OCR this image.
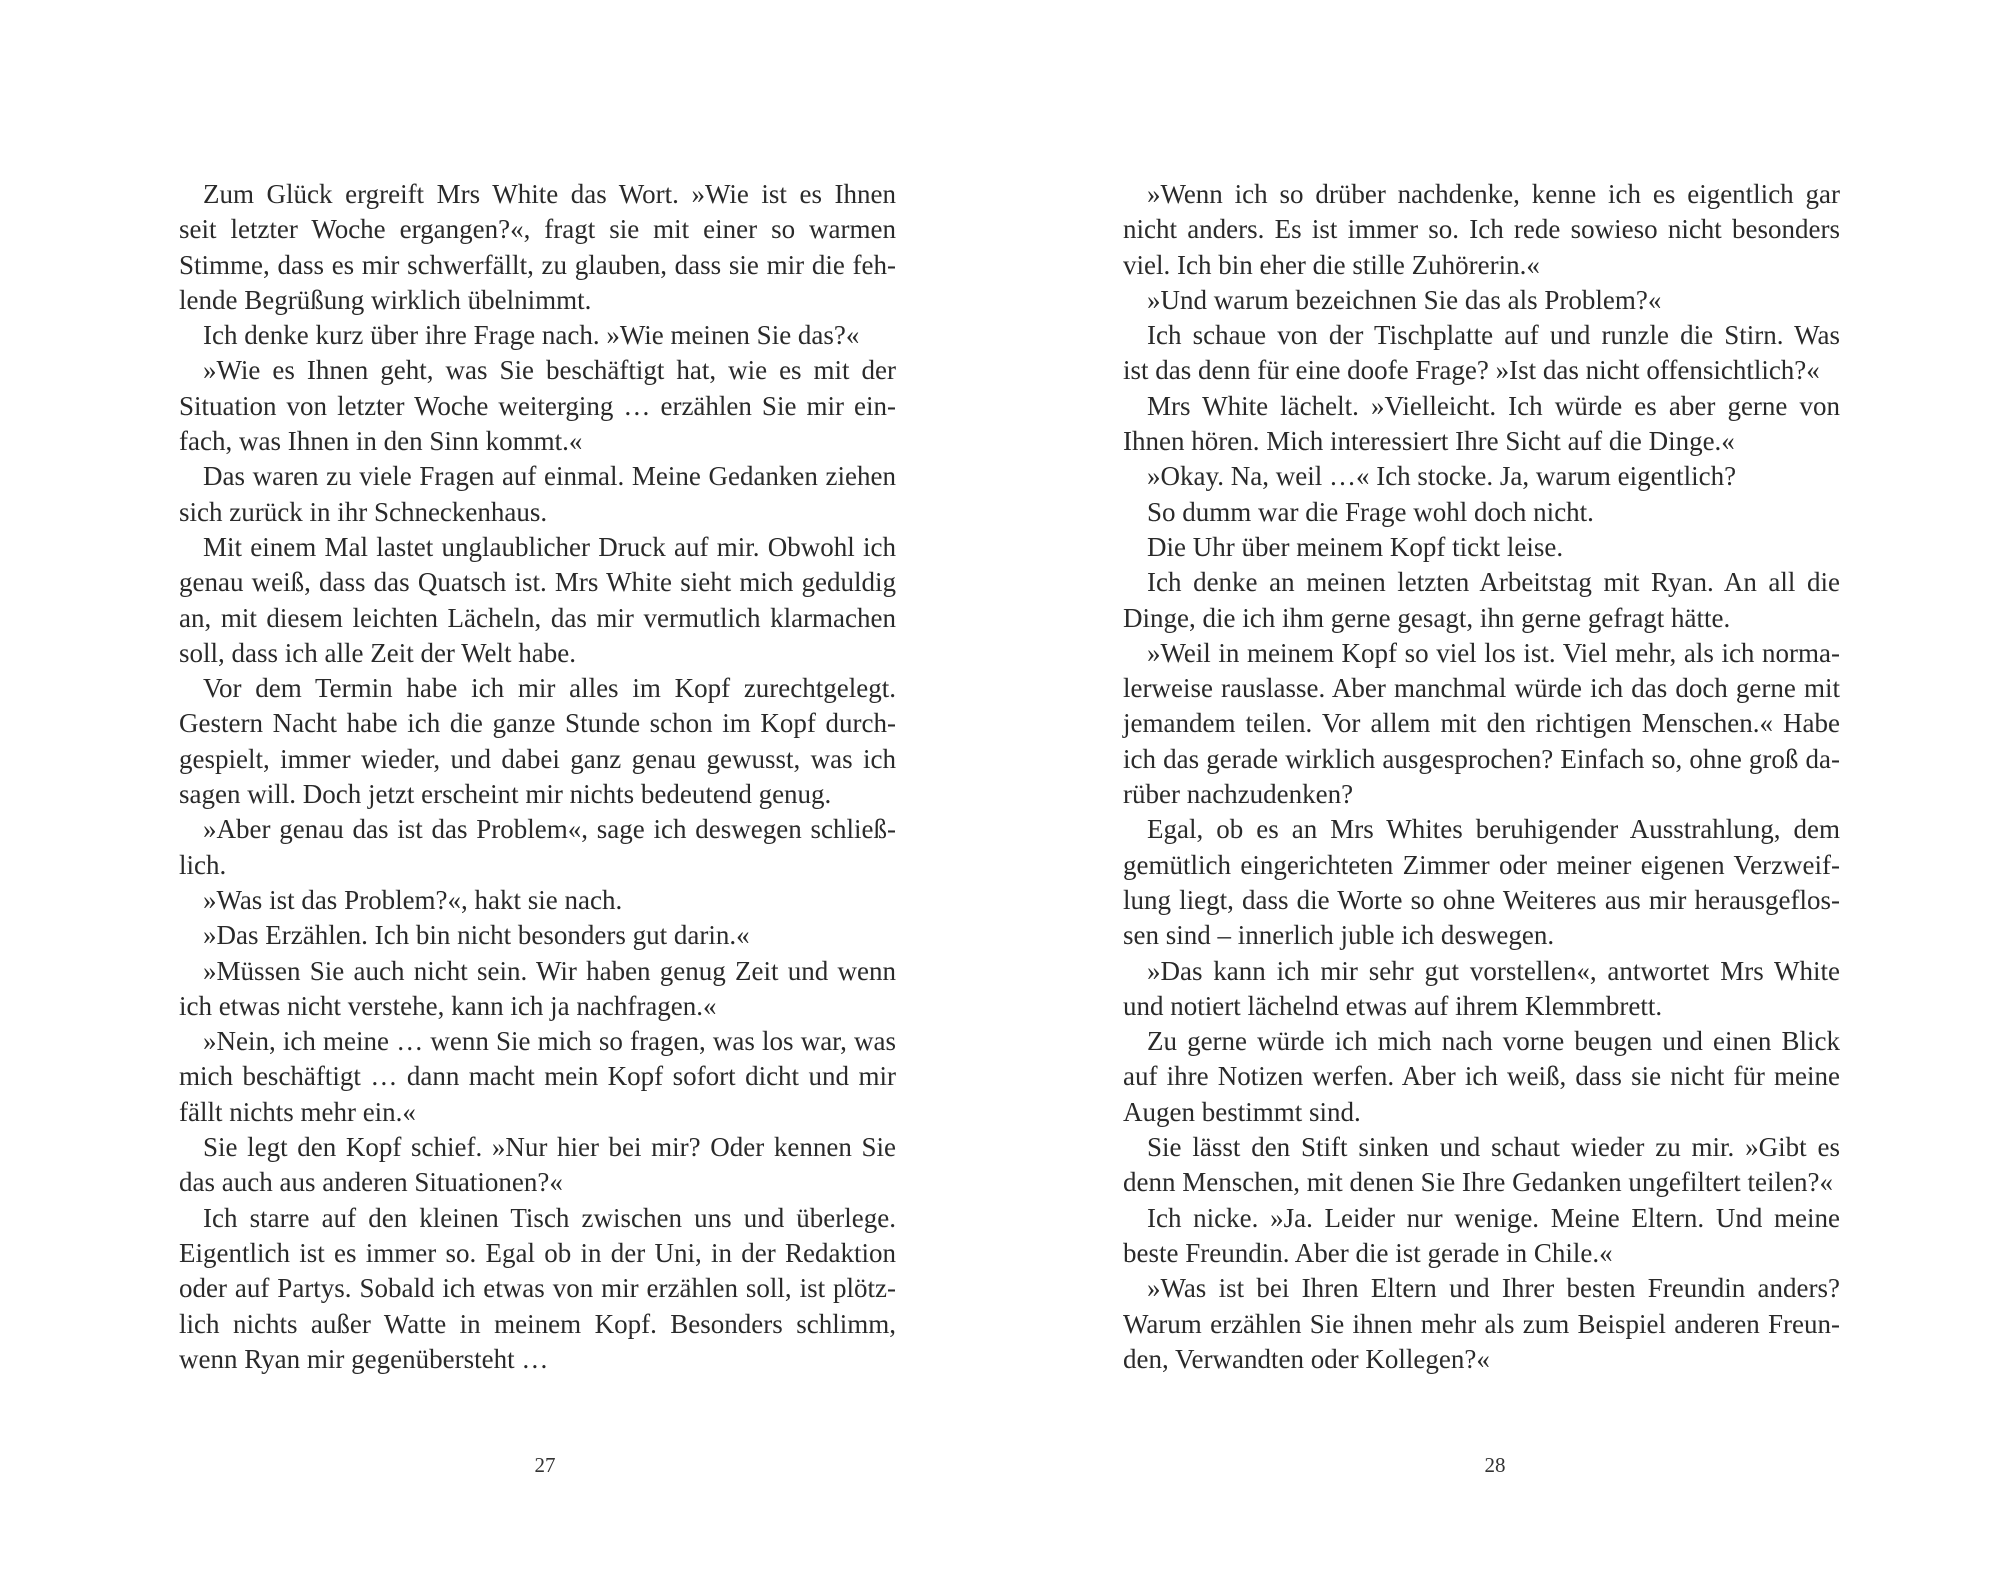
Zum Glück ergreift Mrs White das Wort. »Wie ist es Ihnen
seit letzter Woche ergangen?«, fragt sie mit einer so warmen
Stimme, dass es mir schwerfällt, zu glauben, dass sie mir die feh-
lende Begrüßung wirklich übelnimmt.
Ich denke kurz über ihre Frage nach. »Wie meinen Sie das?«
»Wie es Ihnen geht, was Sie beschäftigt hat, wie es mit der
Situation von letzter Woche weiterging … erzählen Sie mir ein-
fach, was Ihnen in den Sinn kommt.«
Das waren zu viele Fragen auf einmal. Meine Gedanken ziehen
sich zurück in ihr Schneckenhaus.
Mit einem Mal lastet unglaublicher Druck auf mir. Obwohl ich
genau weiß, dass das Quatsch ist. Mrs White sieht mich geduldig
an, mit diesem leichten Lächeln, das mir vermutlich klarmachen
soll, dass ich alle Zeit der Welt habe.
Vor dem Termin habe ich mir alles im Kopf zurechtgelegt.
Gestern Nacht habe ich die ganze Stunde schon im Kopf durch-
gespielt, immer wieder, und dabei ganz genau gewusst, was ich
sagen will. Doch jetzt erscheint mir nichts bedeutend genug.
»Aber genau das ist das Problem«, sage ich deswegen schließ-
lich.
»Was ist das Problem?«, hakt sie nach.
»Das Erzählen. Ich bin nicht besonders gut darin.«
»Müssen Sie auch nicht sein. Wir haben genug Zeit und wenn
ich etwas nicht verstehe, kann ich ja nachfragen.«
»Nein, ich meine … wenn Sie mich so fragen, was los war, was
mich beschäftigt … dann macht mein Kopf sofort dicht und mir
fällt nichts mehr ein.«
Sie legt den Kopf schief. »Nur hier bei mir? Oder kennen Sie
das auch aus anderen Situationen?«
Ich starre auf den kleinen Tisch zwischen uns und überlege.
Eigentlich ist es immer so. Egal ob in der Uni, in der Redaktion
oder auf Partys. Sobald ich etwas von mir erzählen soll, ist plötz-
lich nichts außer Watte in meinem Kopf. Besonders schlimm,
wenn Ryan mir gegenübersteht …
27
»Wenn ich so drüber nachdenke, kenne ich es eigentlich gar
nicht anders. Es ist immer so. Ich rede sowieso nicht besonders
viel. Ich bin eher die stille Zuhörerin.«
»Und warum bezeichnen Sie das als Problem?«
Ich schaue von der Tischplatte auf und runzle die Stirn. Was
ist das denn für eine doofe Frage? »Ist das nicht offensichtlich?«
Mrs White lächelt. »Vielleicht. Ich würde es aber gerne von
Ihnen hören. Mich interessiert Ihre Sicht auf die Dinge.«
»Okay. Na, weil …« Ich stocke. Ja, warum eigentlich?
So dumm war die Frage wohl doch nicht.
Die Uhr über meinem Kopf tickt leise.
Ich denke an meinen letzten Arbeitstag mit Ryan. An all die
Dinge, die ich ihm gerne gesagt, ihn gerne gefragt hätte.
»Weil in meinem Kopf so viel los ist. Viel mehr, als ich norma-
lerweise rauslasse. Aber manchmal würde ich das doch gerne mit
jemandem teilen. Vor allem mit den richtigen Menschen.« Habe
ich das gerade wirklich ausgesprochen? Einfach so, ohne groß da-
rüber nachzudenken?
Egal, ob es an Mrs Whites beruhigender Ausstrahlung, dem
gemütlich eingerichteten Zimmer oder meiner eigenen Verzweif-
lung liegt, dass die Worte so ohne Weiteres aus mir herausgeflos-
sen sind – innerlich juble ich deswegen.
»Das kann ich mir sehr gut vorstellen«, antwortet Mrs White
und notiert lächelnd etwas auf ihrem Klemmbrett.
Zu gerne würde ich mich nach vorne beugen und einen Blick
auf ihre Notizen werfen. Aber ich weiß, dass sie nicht für meine
Augen bestimmt sind.
Sie lässt den Stift sinken und schaut wieder zu mir. »Gibt es
denn Menschen, mit denen Sie Ihre Gedanken ungefiltert teilen?«
Ich nicke. »Ja. Leider nur wenige. Meine Eltern. Und meine
beste Freundin. Aber die ist gerade in Chile.«
»Was ist bei Ihren Eltern und Ihrer besten Freundin anders?
Warum erzählen Sie ihnen mehr als zum Beispiel anderen Freun-
den, Verwandten oder Kollegen?«
28
